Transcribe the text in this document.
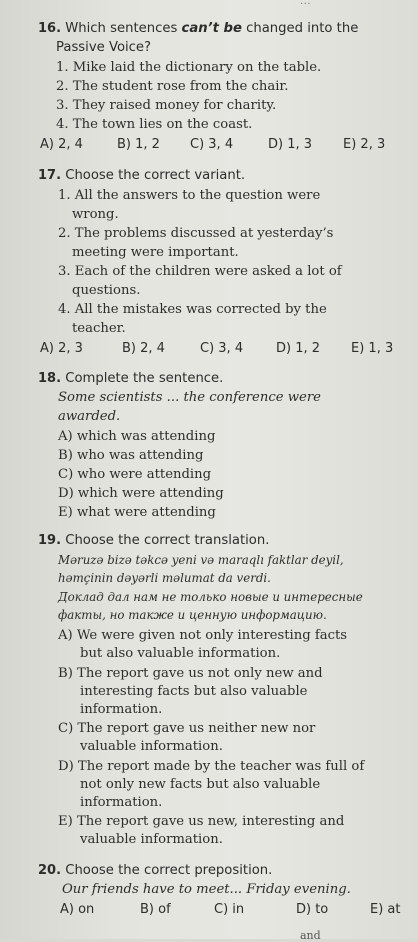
...
16. Which sentences can’t be changed into the
Passive Voice?
1. Mike laid the dictionary on the table.
2. The student rose from the chair.
3. They raised money for charity.
4. The town lies on the coast.
A) 2, 4	B) 1, 2 C) 3, 4	D) 1, 3 E) 2, 3
17. Choose the correct variant.
1. All the answers to the question were
wrong.
2. The problems discussed at yesterday’s
meeting were important.
3. Each of the children were asked a lot of
questions.
4. All the mistakes was corrected by the
teacher.
A) 2, 3	B) 2, 4	C) 3, 4	D) 1, 2 E) 1, 3
18. Complete the sentence.
Some scientists ... the conference were
awarded.
A) which was attending
B) who was attending
C) who were attending
D) which were attending
E) what were attending
19. Choose the correct translation.
Məruzə bizə təkcə yeni və maraqlı faktlar deyil,
həmçinin dəyərli məlumat da verdi.
Доклад дал нам не только новые и интересные
факты, но также и ценную информацию.
A) We were given not only interesting facts
but also valuable information.
B) The report gave us not only new and
interesting facts but also valuable
information.
C) The report gave us neither new nor
valuable information.
D) The report made by the teacher was full of
not only new facts but also valuable
information.
E) The report gave us new, interesting and
valuable information.
20. Choose the correct preposition.
Our friends have to meet... Friday evening.
A) on	B) of	C) in	D) to	E) at
and
